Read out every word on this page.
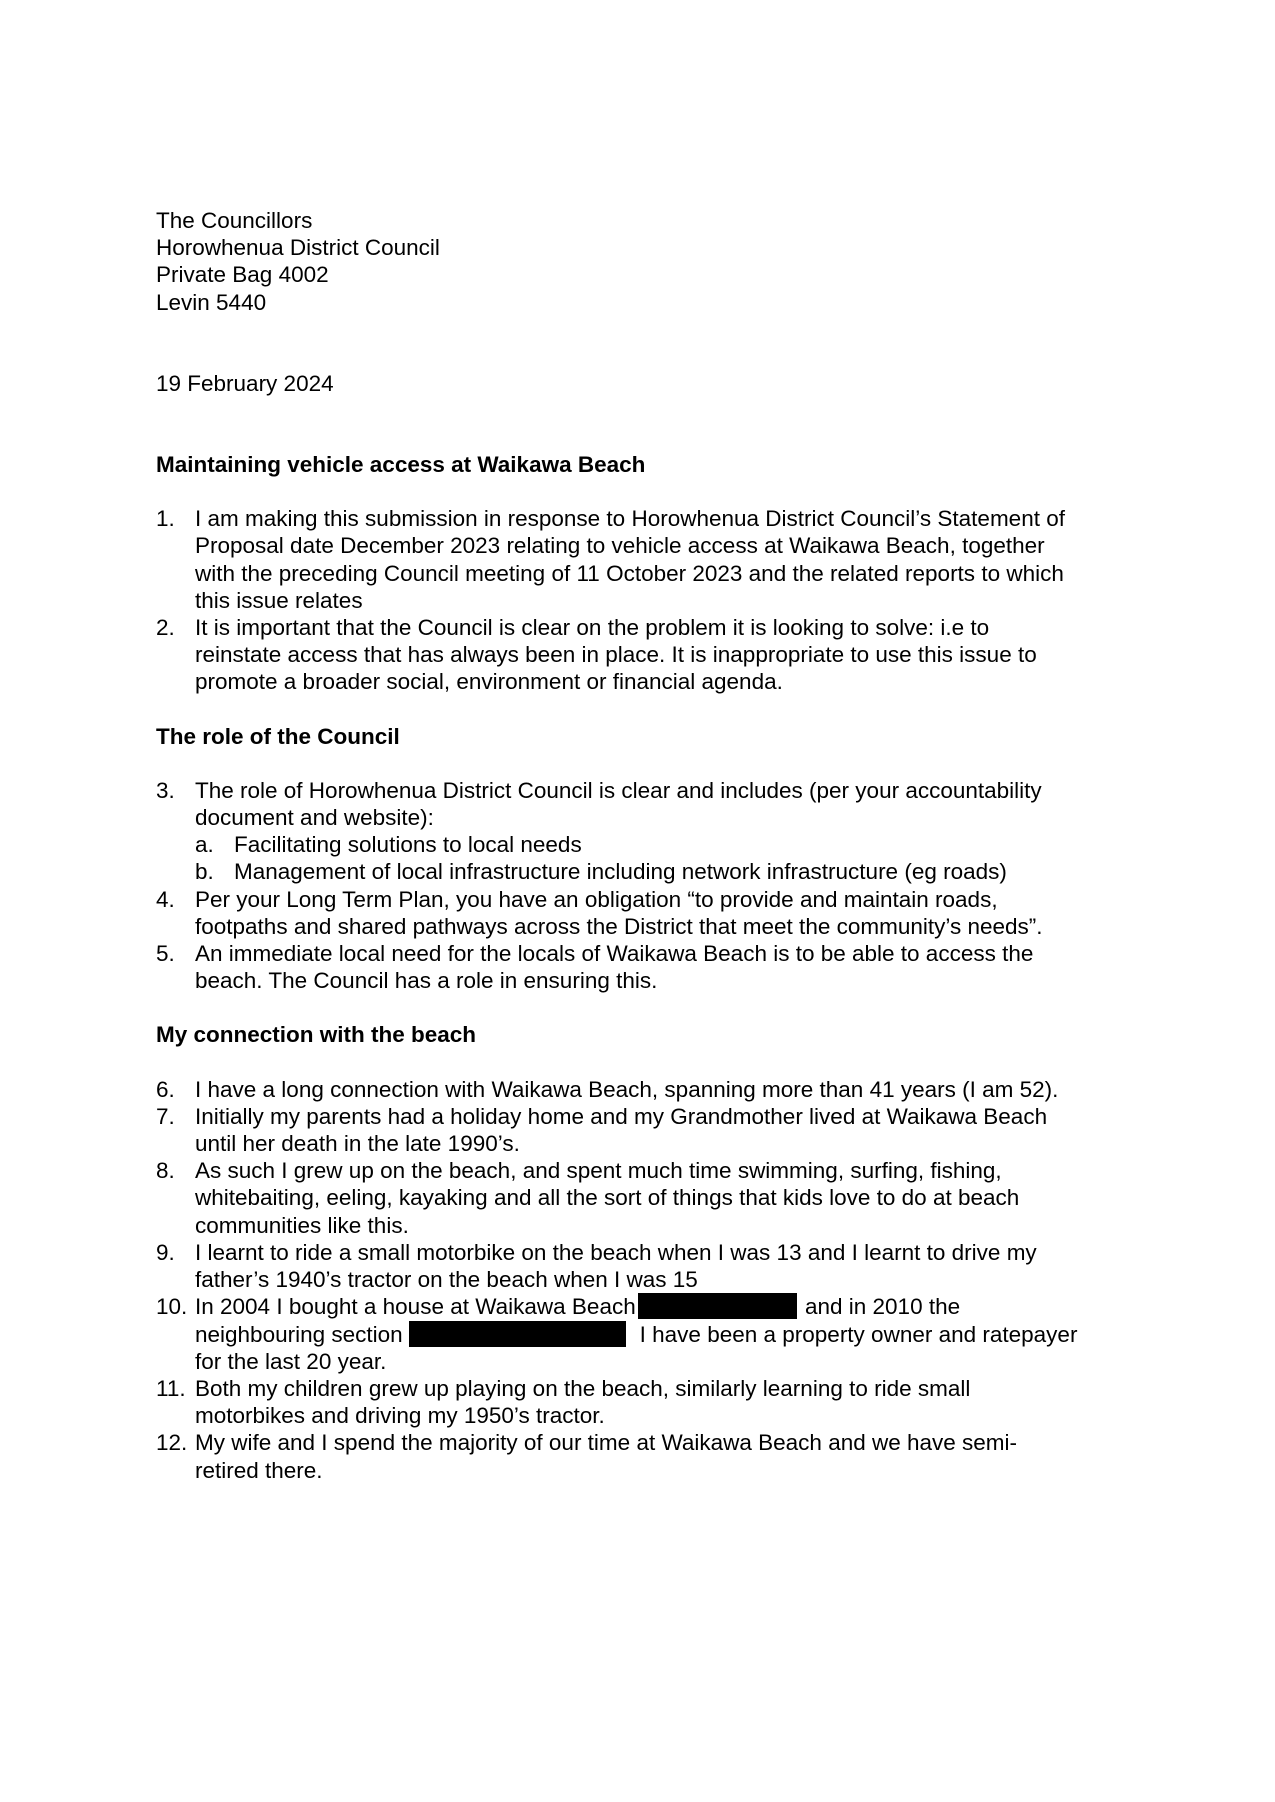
The Councillors
Horowhenua District Council
Private Bag 4002
Levin 5440
19 February 2024
Maintaining vehicle access at Waikawa Beach
1. I am making this submission in response to Horowhenua District Council’s Statement of
Proposal date December 2023 relating to vehicle access at Waikawa Beach, together
with the preceding Council meeting of 11 October 2023 and the related reports to which
this issue relates
2. It is important that the Council is clear on the problem it is looking to solve: i.e to
reinstate access that has always been in place. It is inappropriate to use this issue to
promote a broader social, environment or financial agenda.
The role of the Council
3. The role of Horowhenua District Council is clear and includes (per your accountability
document and website):
a. Facilitating solutions to local needs
b. Management of local infrastructure including network infrastructure (eg roads)
4. Per your Long Term Plan, you have an obligation “to provide and maintain roads,
footpaths and shared pathways across the District that meet the community’s needs”.
5. An immediate local need for the locals of Waikawa Beach is to be able to access the
beach. The Council has a role in ensuring this.
My connection with the beach
6. I have a long connection with Waikawa Beach, spanning more than 41 years (I am 52).
7. Initially my parents had a holiday home and my Grandmother lived at Waikawa Beach
until her death in the late 1990’s.
8. As such I grew up on the beach, and spent much time swimming, surfing, fishing,
whitebaiting, eeling, kayaking and all the sort of things that kids love to do at beach
communities like this.
9. I learnt to ride a small motorbike on the beach when I was 13 and I learnt to drive my
father’s 1940’s tractor on the beach when I was 15
10. In 2004 I bought a house at Waikawa Beach	and in 2010 the
neighbouring section	I have been a property owner and ratepayer
for the last 20 year.
11. Both my children grew up playing on the beach, similarly learning to ride small
motorbikes and driving my 1950’s tractor.
12. My wife and I spend the majority of our time at Waikawa Beach and we have semi-
retired there.
